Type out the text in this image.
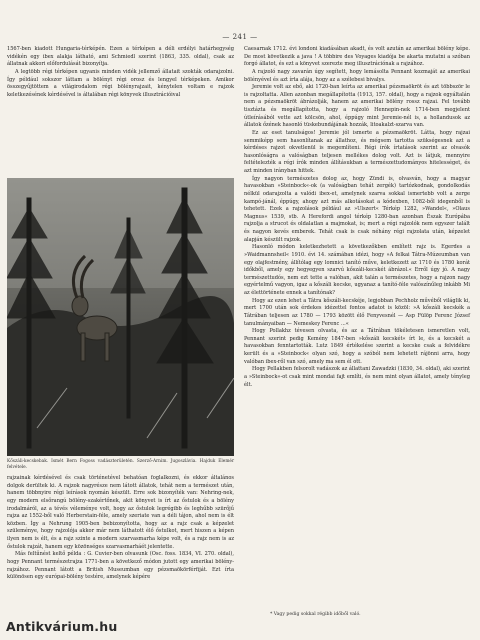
— 241 —

1567-ben kiadott Hungaria-térképén. Ezen a térképen a déli erdélyi határhegység vidékén egy ibex alakja látható, ami Schmiedl szerint (1863, 335. oldal), csak az állatnak akkori előfordulását bizonyítja.

A legtöbb régi térképen ugyanis minden vidék jellemző állatait szokták odarajzolni. Így például sokszor láttam a bölényt régi orosz és lengyel térképeken. Amikor összegyűjtöttem a világirodalom régi bölényrajzait, kénytelen voltam e rajzok keletkezésének kérdésével is általában régi könyvek illusztrációival

Kőszáli-kecskebak. Ismét Bern Fogoss vadászterületén. Szerző-Arnim. Jugoszlávia. Hajduk Elemér felvétele.

rajzainak kérdésével és csak történetével behatóan foglalkozni, és ekkor általános dolgok derültek ki. A rajzok nagyrésze nem látott állatok, tehát nem a természet után, hanem többnyire régi leírások nyomán készült. Erre sok bizonyíték van: Nehring-nek, egy modern elsőrangú bölény-szakértőnek, akit könyvet is írt az őstulok és a bölény irodalmáról, az a tévés véleménye volt, hogy az őstulok legrégibb és leghűbb szürőjű rajza az 1552-ből való Herberstain-féle, amely szeriate van a déli tájon, ahol nem is élt közben. Így a Nehrung 1905-ben bebizonyította, hogy az a rajz csak a képzelet szüleménye, hogy rajzolója akkor már nem láthatott élő őstulkot, mert hiszen a képen ilyen nem is élt, és a rajz szinte a modern szarvasmarha képe volt, és a rajz nem is az őstulok rajzát, hanem egy közönséges szarvasmarháét jelentette.

Más feltűnést keltő példa : G. Cuvier-ben olvasunk (Osc. foss. 1834, VI. 270. oldal), hogy Pennant természetrajza 1771-ben a következő módon jutott egy amerikai bölény-rajzához. Pennant látott a British Museumban egy pézsmaökörférfiját. Ezt írta különösen egy európai-bölény testére, amelynek képére

Caesarnak 1712. évi londoni kiadásában akadt, és volt azután az amerikai bölény képe. De most következik a java ! A többire des Voyages kiadója be akarta mutatni a szóban forgó állatot, és ezt a könyvet szerezte meg illusztrációnak a rajzához.

A rajzoló nagy zavarán úgy segített, hogy lemásolta Pennant kozmaját az amerikai bölényével és azt írta alája, hogy az a szélebesi bivalys.

Jeremie volt az ebő, aki 1720-ban leírta az amerikai pézsmaökröt és azt többször le is rajzoltatta. Allen azonban megállapította (1913, 157. oldal), hogy a rajzok egyáltalán nem a pézsmaökröt ábrázolják, hanem az amerikai bölény rossz rajzai. Fel tovább tisztázta és megállapította, hogy a rajzoló Hennepin-nek 1714-ben megjelent útleírásából vette azt kölcsön, ahol, éppúgy mint Jeremie-nél is, a hollandusok az állatok őzének hasonló tüskebundájának hozzák, litoakalzt-szarva van.

Ez az eset tanulságos! Jeremie jól ismerte a pézsmaökröt. Látta, hogy rajzai semmiképp sem hasonlítanak az állathoz, és mégsem tartotta szükségesnek azt a kérdéses rajzot okvetlenül is megemlíteni. Régi írók írtatások szerint az olvasók hasonlóságra a valóságban teljesen mellékes dolog volt. Azt is látjuk, mennyire feltételezték a régi írók minden állításukban a természettudományos hitelességet, és azt minden irányban hittek.

Így nagyon természetes dolog az, hogy Zündi is, olvasván, hogy a magyar havasokban »Steinbock«-ok (a valóságban tehát zergék) tartózkodnak, gondolkodás nélkül odarajzolta a valódi ibex-et, amelynek szarva sokkal ismertebb volt a zerge kampó-jánál, éppúgy, ahogy azt más alkotásokat a kódexben, 1082-ből idegenből is tehetett. Ezek a rajzolások például az »Ulszert« Térkép 1282, »Wandel«, »Olaus Magnus« 1539, stb. A Herefordi angol térkép 1280-ban azonban Észak Európába rajzolja a strucot és oldalatlan a majmokat, is; mert a régi rajzolók nem egyszer talált és nagyon kevés emberek. Tehát csak is csak néhány régi rajzolata után, képzelet alapján készült rajzok.

Hasonló módon keletkezhetett a következőkben említett rajz is. Egerdes a »Waidmannsheil« 1910. évi 14. számában idézi, hogy »A felkai Tátra-Múzeumban van egy olajfestmény, állítólag egy lomnici tanító műve, keletkezett az 1710 és 1780 korát időkből, amely egy hegyegyen szarvú kőszáli-kecskét ábrázol.« Erről úgy jó. A nagy természettudós, nem ezt tette a valóban, akit talán a természetes, hogy a rajzon nagy egyértelmű vagyon, igaz a kőszáli kecske, ugyanaz a tanító-féle valószínűleg inkább Mi az élettörténete ennek a tanítónak?

Hogy az ezen lehet a Tátra kőszáli-kecskéje, legjobban Pechholz művéből világlik ki, mert 1700 után sok érdekes idézettel fontos adatot is közöl: »A kőszáli kecskék a Tátrában teljesen az 1780 — 1793 között élő Fenyvesnél — Asp Fülöp Ferenc József tanulmányaiban — Nemeskey Ferenc ...«

Hogy Pollakhz tévesen olvasta, és az a Tátrában tökéletesen ismeretlen volt, Pennant szerint pedig Kemény 1847-ben »kőszáli kecskét« írt le, és a kecskét a havasokban fenntartották. Lutz 1849 értékelése szerint a kecske csak a felvidékre került és a »Steinbock« olyan szó, hogy a szóból nem lehetett rájönni arra, hogy valóban ibex-ről van szó, amely ma sem él ott.

Hogy Pellakben felsorolt vadászok az állattani Zawadzki (1830, 34. oldal), aki szerint a »Steinbock«-ot csak mint mondai fajt említi, és nem mint olyan állatot, amely tényleg élt.

* Vagy pedig sokkal régibb időből való.
Antikvárium.hu
